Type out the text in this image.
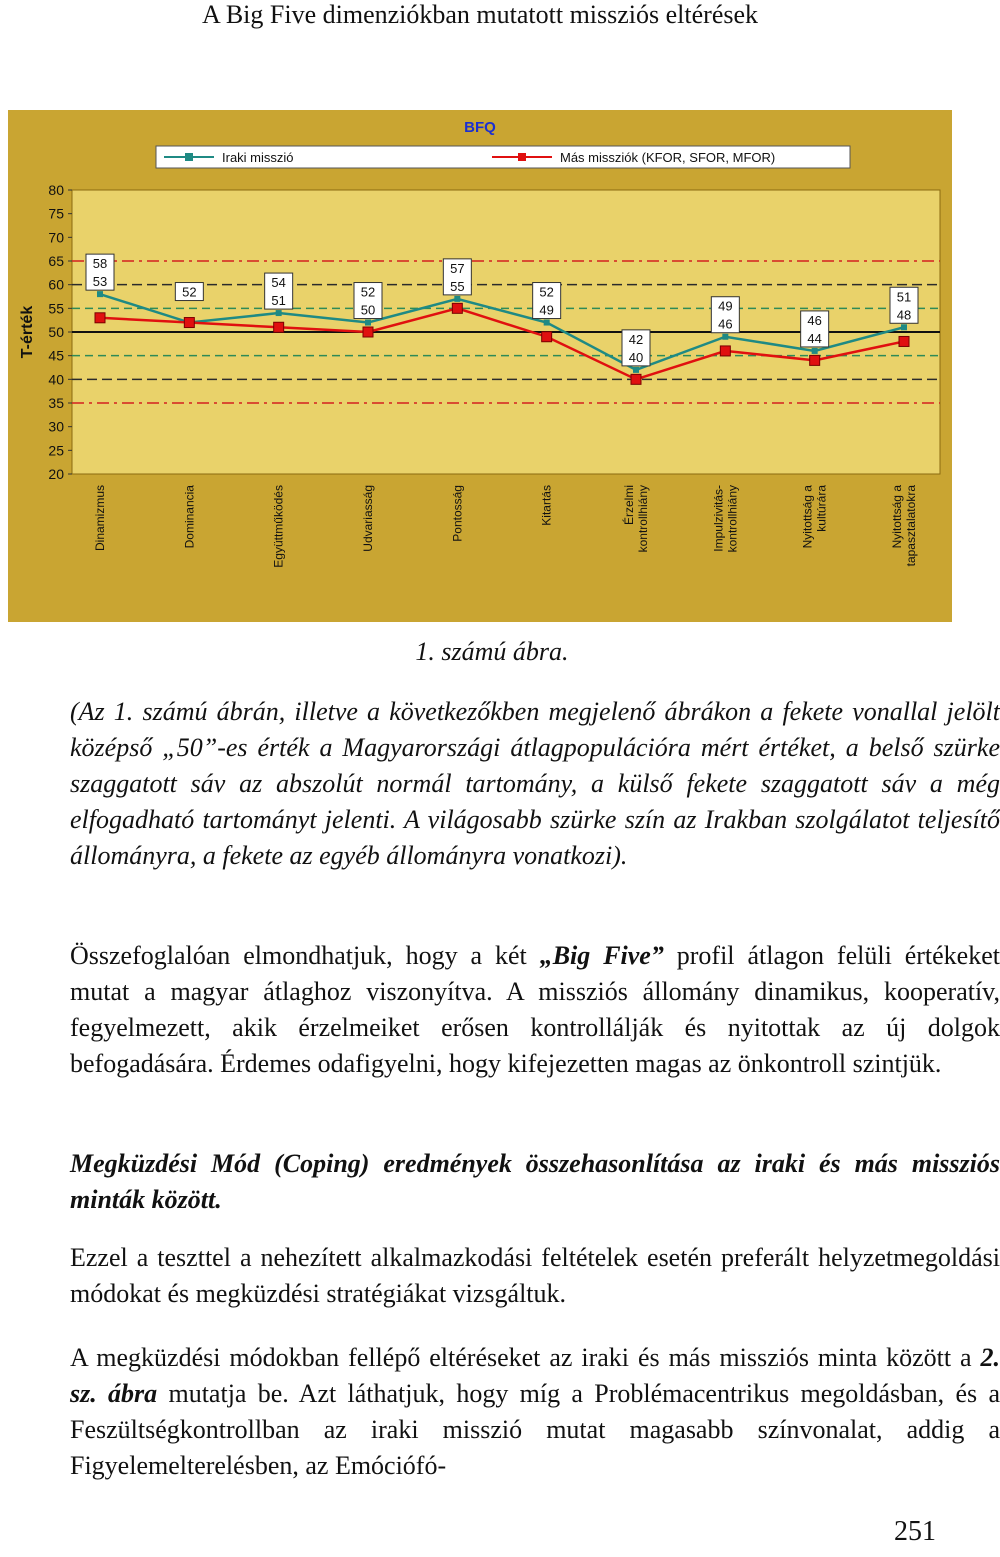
A Big Five dimenziókban mutatott missziós eltérések
BFQ
Iraki misszió	Más missziók (KFOR, SFOR, MFOR)
20
25
30
35
40
45
50
55
60
65
70
75
80
T-érték
58
53
52
54
51
52
50
57
55	52
49
42
40
49
46	46
44
51
48
Dinamizmus	Dominancia	Együttműködés	Udvariasság	Pontosság	Kitartás	Érzelmi kontrollhiány	Impulzivitás- kontrollhiány	Nyitottság a kultúrára	Nyitottság a tapasztalatokra
1. számú ábra.

(Az 1. számú ábrán, illetve a következőkben megjelenő ábrákon a fekete vonallal jelölt középső „50”-es érték a Magyarországi átlagpopulációra mért értéket, a belső szürke szaggatott sáv az abszolút normál tartomány, a külső fekete szaggatott sáv a még elfogadható tartományt jelenti. A világosabb szürke szín az Irakban szolgálatot teljesítő állományra, a fekete az egyéb állományra vonatkozi).

Összefoglalóan elmondhatjuk, hogy a két „Big Five” profil átlagon felüli értékeket mutat a magyar átlaghoz viszonyítva. A missziós állomány dinamikus, kooperatív, fegyelmezett, akik érzelmeiket erősen kontrollálják és nyitottak az új dolgok befogadására. Érdemes odafigyelni, hogy kifejezetten magas az önkontroll szintjük.

Megküzdési Mód (Coping) eredmények összehasonlítása az iraki és más missziós minták között.

Ezzel a teszttel a nehezített alkalmazkodási feltételek esetén preferált helyzetmegoldási módokat és megküzdési stratégiákat vizsgáltuk.

A megküzdési módokban fellépő eltéréseket az iraki és más missziós minta között a 2. sz. ábra mutatja be. Azt láthatjuk, hogy míg a Problémacentrikus megoldásban, és a Feszültségkontrollban az iraki misszió mutat magasabb színvonalat, addig a Figyelemelterelésben, az Emóciófó-

251
